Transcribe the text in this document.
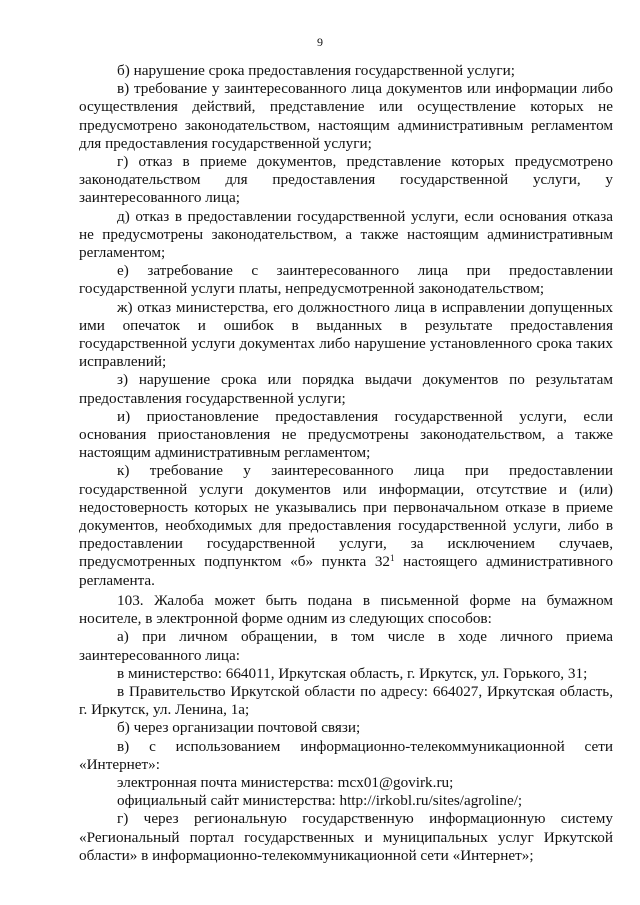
9

б) нарушение срока предоставления государственной услуги;

в) требование у заинтересованного лица документов или информации либо осуществления действий, представление или осуществление которых не предусмотрено законодательством, настоящим административным регламентом для предоставления государственной услуги;

г) отказ в приеме документов, представление которых предусмотрено законодательством для предоставления государственной услуги, у заинтересованного лица;

д) отказ в предоставлении государственной услуги, если основания отказа не предусмотрены законодательством, а также настоящим административным регламентом;

е) затребование с заинтересованного лица при предоставлении государственной услуги платы, непредусмотренной законодательством;

ж) отказ министерства, его должностного лица в исправлении допущенных ими опечаток и ошибок в выданных в результате предоставления государственной услуги документах либо нарушение установленного срока таких исправлений;

з) нарушение срока или порядка выдачи документов по результатам предоставления государственной услуги;

и) приостановление предоставления государственной услуги, если основания приостановления не предусмотрены законодательством, а также настоящим административным регламентом;

к) требование у заинтересованного лица при предоставлении государственной услуги документов или информации, отсутствие и (или) недостоверность которых не указывались при первоначальном отказе в приеме документов, необходимых для предоставления государственной услуги, либо в предоставлении государственной услуги, за исключением случаев, предусмотренных подпунктом «б» пункта $32^1$ настоящего административного регламента.

103. Жалоба может быть подана в письменной форме на бумажном носителе, в электронной форме одним из следующих способов:

а) при личном обращении, в том числе в ходе личного приема заинтересованного лица:

в министерство: 664011, Иркутская область, г. Иркутск, ул. Горького, 31;

в Правительство Иркутской области по адресу: 664027, Иркутская область, г. Иркутск, ул. Ленина, 1а;

б) через организации почтовой связи;

в) с использованием информационно-телекоммуникационной сети «Интернет»:

электронная почта министерства: mcx01@govirk.ru;

официальный сайт министерства: http://irkobl.ru/sites/agroline/;

г) через региональную государственную информационную систему «Региональный портал государственных и муниципальных услуг Иркутской области» в информационно-телекоммуникационной сети «Интернет»;
